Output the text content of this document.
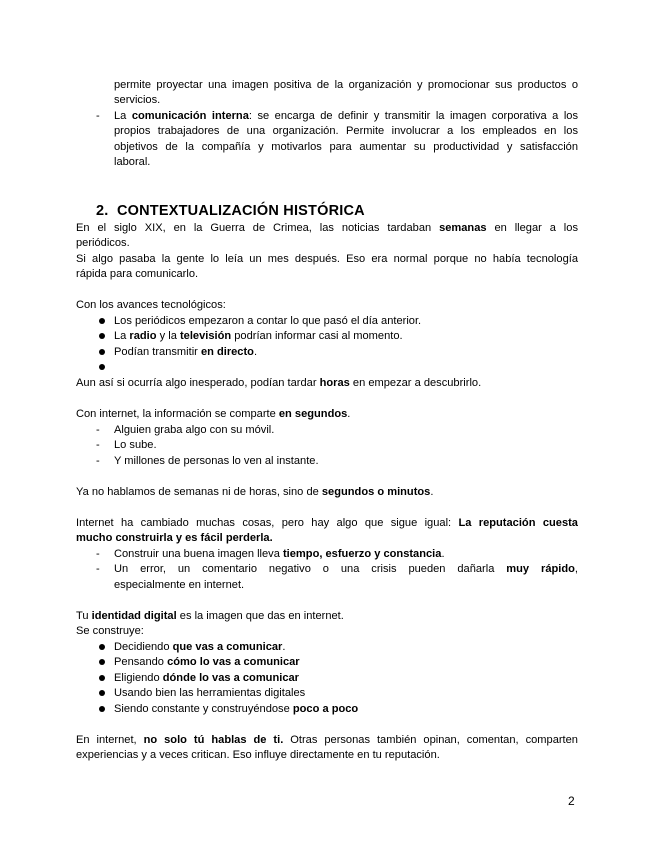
permite proyectar una imagen positiva de la organización y promocionar sus productos o
servicios.
- La comunicación interna: se encarga de definir y transmitir la imagen corporativa a los
propios trabajadores de una organización. Permite involucrar a los empleados en los
objetivos de la compañía y motivarlos para aumentar su productividad y satisfacción
laboral.
2. CONTEXTUALIZACIÓN HISTÓRICA
En el siglo XIX, en la Guerra de Crimea, las noticias tardaban semanas en llegar a los
periódicos.
Si algo pasaba la gente lo leía un mes después. Eso era normal porque no había tecnología
rápida para comunicarlo.
Con los avances tecnológicos:
Los periódicos empezaron a contar lo que pasó el día anterior.
La radio y la televisión podrían informar casi al momento.
Podían transmitir en directo.
Aun así si ocurría algo inesperado, podían tardar horas en empezar a descubrirlo.
Con internet, la información se comparte en segundos.
- Alguien graba algo con su móvil.
- Lo sube.
- Y millones de personas lo ven al instante.
Ya no hablamos de semanas ni de horas, sino de segundos o minutos.
Internet ha cambiado muchas cosas, pero hay algo que sigue igual: La reputación cuesta
mucho construirla y es fácil perderla.
- Construir una buena imagen lleva tiempo, esfuerzo y constancia.
- Un error, un comentario negativo o una crisis pueden dañarla muy rápido,
especialmente en internet.
Tu identidad digital es la imagen que das en internet.
Se construye:
Decidiendo que vas a comunicar.
Pensando cómo lo vas a comunicar
Eligiendo dónde lo vas a comunicar
Usando bien las herramientas digitales
Siendo constante y construyéndose poco a poco
En internet, no solo tú hablas de ti. Otras personas también opinan, comentan, comparten
experiencias y a veces critican. Eso influye directamente en tu reputación.
2
